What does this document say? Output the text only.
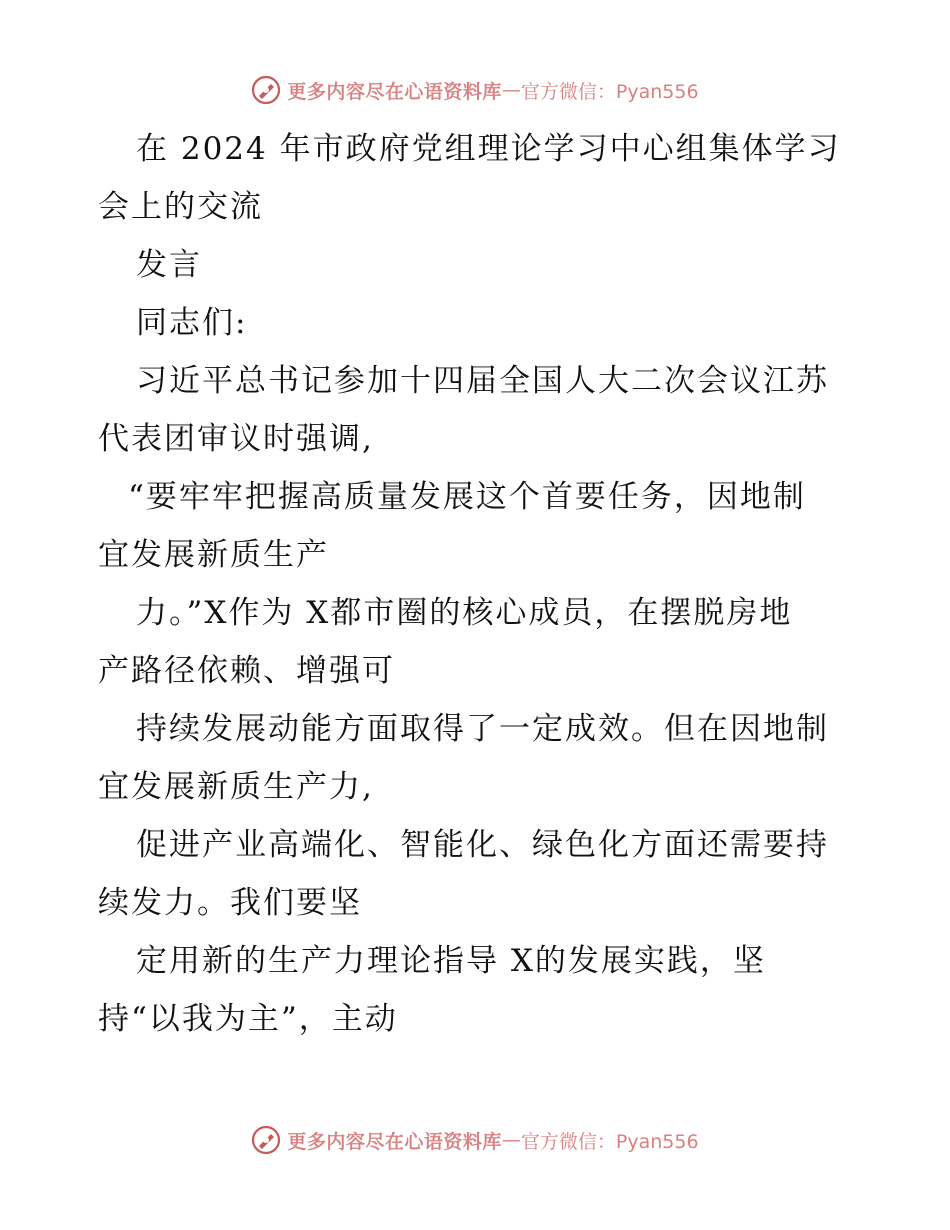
更多内容尽在心语资料库 — 官方微信：Pyan556
在 2024 年市政府党组理论学习中心组集体学习
会上的交流
发言
同志们:
习近平总书记参加十四届全国人大二次会议江苏
代表团审议时强调,
“要牢牢把握高质量发展这个首要任务，因地制
宜发展新质生产
力。”X作为 X都市圈的核心成员，在摆脱房地
产路径依赖、增强可
持续发展动能方面取得了一定成效。但在因地制
宜发展新质生产力,
促进产业高端化、智能化、绿色化方面还需要持
续发力。我们要坚
定用新的生产力理论指导 X的发展实践，坚
持“以我为主”，主动
更多内容尽在心语资料库 — 官方微信：Pyan556
